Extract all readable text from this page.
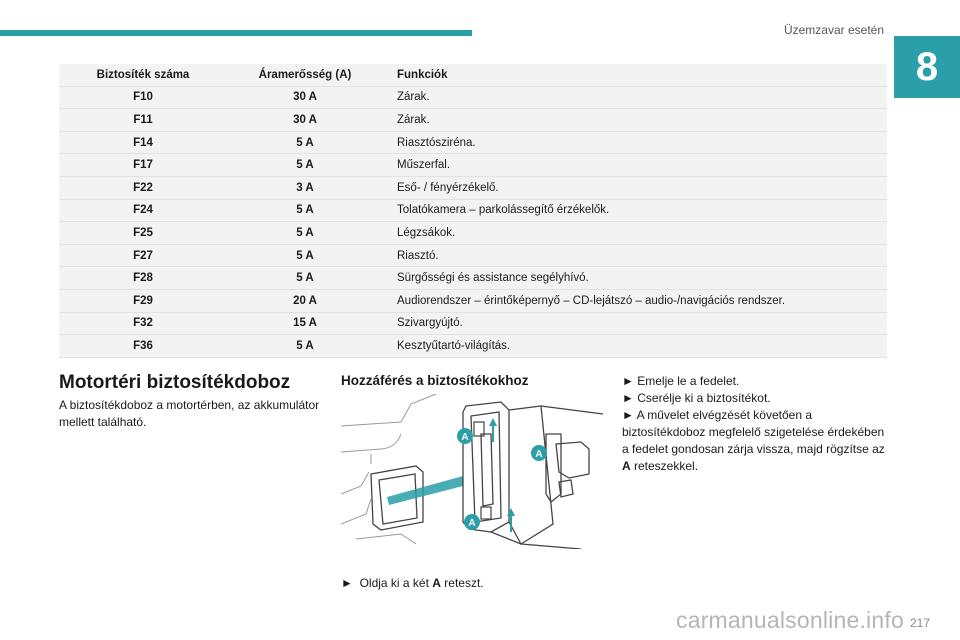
Üzemzavar esetén
8
Biztosíték száma	Áramerősség (A)	Funkciók
F10	30 A	Zárak.
F11	30 A	Zárak.
F14	5 A	Riasztósziréna.
F17	5 A	Műszerfal.
F22	3 A	Eső- / fényérzékelő.
F24	5 A	Tolatókamera – parkolássegítő érzékelők.
F25	5 A	Légzsákok.
F27	5 A	Riasztó.
F28	5 A	Sürgősségi és assistance segélyhívó.
F29	20 A	Audiorendszer – érintőképernyő – CD-lejátszó – audio-/navigációs rendszer.
F32	15 A	Szivargyújtó.
F36	5 A	Kesztyűtartó-világítás.
Motortéri biztosítékdoboz
A biztosítékdoboz a motortérben, az akkumulátor mellett található.
Hozzáférés a biztosítékokhoz
A
A
A
► Oldja ki a két A reteszt.
► Emelje le a fedelet.
► Cserélje ki a biztosítékot.
► A művelet elvégzését követően a biztosítékdoboz megfelelő szigetelése érdekében a fedelet gondosan zárja vissza, majd rögzítse az A reteszekkel.
carmanualsonline.info 217
